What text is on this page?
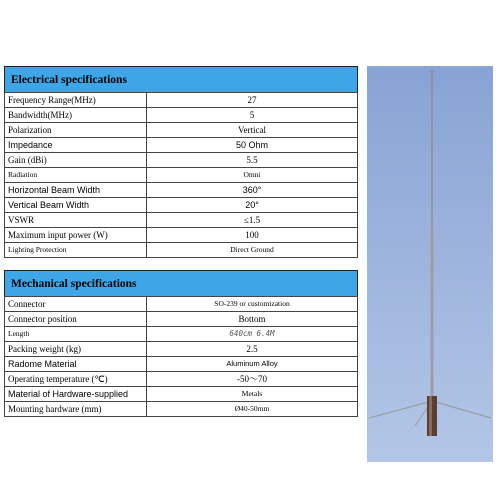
Electrical specifications
Frequency Range(MHz)	27
Bandwidth(MHz)	5
Polarization	Vertical
Impedance	50 Ohm
Gain (dBi)	5.5
Radiation	Omni
Horizontal Beam Width	360°
Vertical Beam Width	20°
VSWR	≤1.5
Maximum input power (W)	100
Lighting Protection	Direct Ground
Mechanical specifications
Connector	SO-239 or customization
Connector position	Bottom
Length	640cm 6.4M
Packing weight (kg)	2.5
Radome Material	Aluminum Alloy
Operating temperature (℃)	-50～70
Material of Hardware-supplied	Metals
Mounting hardware (mm)	Ø40-50mm
